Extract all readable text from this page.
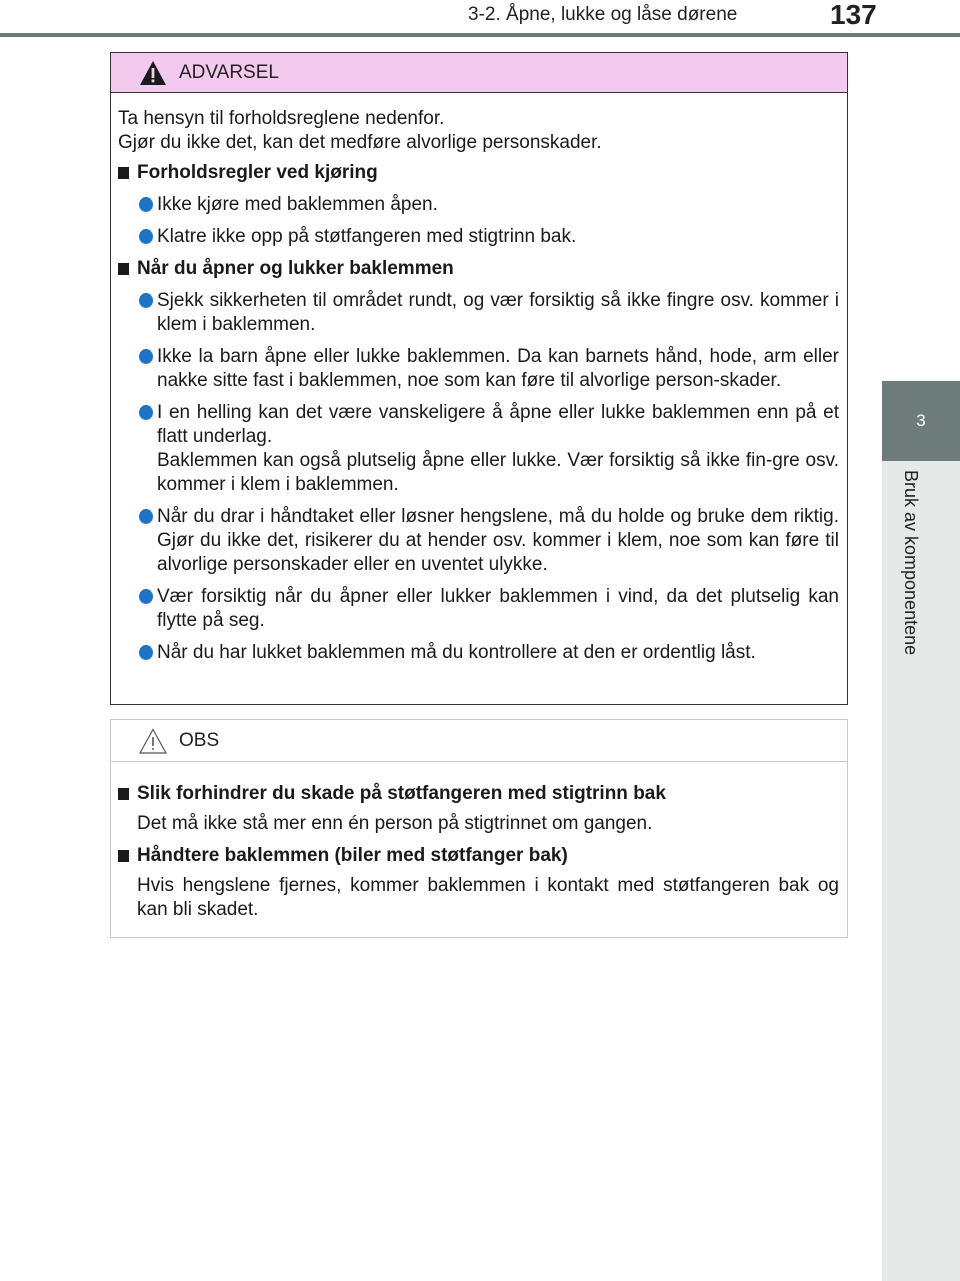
3-2. Åpne, lukke og låse dørene	137
3
Bruk av komponentene
ADVARSEL
Ta hensyn til forholdsreglene nedenfor.
Gjør du ikke det, kan det medføre alvorlige personskader.
Forholdsregler ved kjøring
Ikke kjøre med baklemmen åpen.
Klatre ikke opp på støtfangeren med stigtrinn bak.
Når du åpner og lukker baklemmen
Sjekk sikkerheten til området rundt, og vær forsiktig så ikke fingre osv. kommer i klem i baklemmen.
Ikke la barn åpne eller lukke baklemmen. Da kan barnets hånd, hode, arm eller nakke sitte fast i baklemmen, noe som kan føre til alvorlige person-skader.
I en helling kan det være vanskeligere å åpne eller lukke baklemmen enn på et flatt underlag.
Baklemmen kan også plutselig åpne eller lukke. Vær forsiktig så ikke fin-gre osv. kommer i klem i baklemmen.
Når du drar i håndtaket eller løsner hengslene, må du holde og bruke dem riktig. Gjør du ikke det, risikerer du at hender osv. kommer i klem, noe som kan føre til alvorlige personskader eller en uventet ulykke.
Vær forsiktig når du åpner eller lukker baklemmen i vind, da det plutselig kan flytte på seg.
Når du har lukket baklemmen må du kontrollere at den er ordentlig låst.
OBS
Slik forhindrer du skade på støtfangeren med stigtrinn bak
Det må ikke stå mer enn én person på stigtrinnet om gangen.
Håndtere baklemmen (biler med støtfanger bak)
Hvis hengslene fjernes, kommer baklemmen i kontakt med støtfangeren bak og kan bli skadet.
